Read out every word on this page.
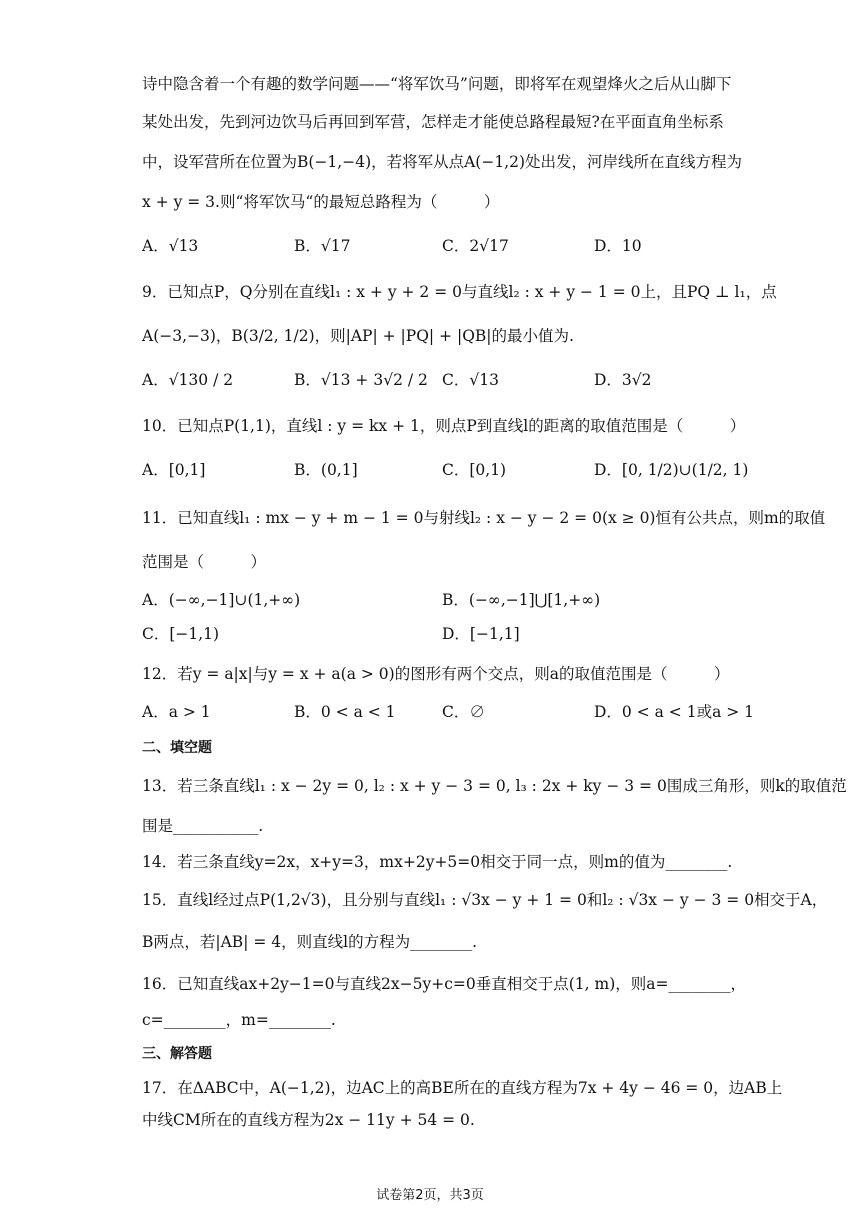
诗中隐含着一个有趣的数学问题——“将军饮马”问题，即将军在观望烽火之后从山脚下
某处出发，先到河边饮马后再回到军营，怎样走才能使总路程最短?在平面直角坐标系
中，设军营所在位置为B(−1,−4)，若将军从点A(−1,2)处出发，河岸线所在直线方程为
x + y = 3.则“将军饮马“的最短总路程为（　　　）
A．√13	B．√17	C．2√17	D．10
9．已知点P，Q分别在直线l₁ : x + y + 2 = 0与直线l₂ : x + y − 1 = 0上，且PQ ⊥ l₁，点
A(−3,−3)，B(3/2, 1/2)，则|AP| + |PQ| + |QB|的最小值为.
A．√130 / 2	B．√13 + 3√2 / 2 C．√13	D．3√2
10．已知点P(1,1)，直线l : y = kx + 1，则点P到直线l的距离的取值范围是（　　　）
A．[0,1]	B．(0,1]	C．[0,1)	D．[0, 1/2)∪(1/2, 1)
11．已知直线l₁ : mx − y + m − 1 = 0与射线l₂ : x − y − 2 = 0(x ≥ 0)恒有公共点，则m的取值
范围是（　　　）
A．(−∞,−1]∪(1,+∞)	B．(−∞,−1]⋃[1,+∞)
C．[−1,1)	D．[−1,1]
12．若y = a|x|与y = x + a(a > 0)的图形有两个交点，则a的取值范围是（　　　）
A．a > 1	B．0 < a < 1	C．∅	D．0 < a < 1或a > 1
二、填空题
13．若三条直线l₁ : x − 2y = 0, l₂ : x + y − 3 = 0, l₃ : 2x + ky − 3 = 0围成三角形，则k的取值范
围是___________.
14．若三条直线y=2x，x+y=3，mx+2y+5=0相交于同一点，则m的值为________.
15．直线l经过点P(1,2√3)，且分别与直线l₁ : √3x − y + 1 = 0和l₂ : √3x − y − 3 = 0相交于A，
B两点，若|AB| = 4，则直线l的方程为________.
16．已知直线ax+2y−1=0与直线2x−5y+c=0垂直相交于点(1, m)，则a=________，
c=________，m=________.
三、解答题
17．在ΔABC中，A(−1,2)，边AC上的高BE所在的直线方程为7x + 4y − 46 = 0，边AB上
中线CM所在的直线方程为2x − 11y + 54 = 0.
试卷第2页，共3页
